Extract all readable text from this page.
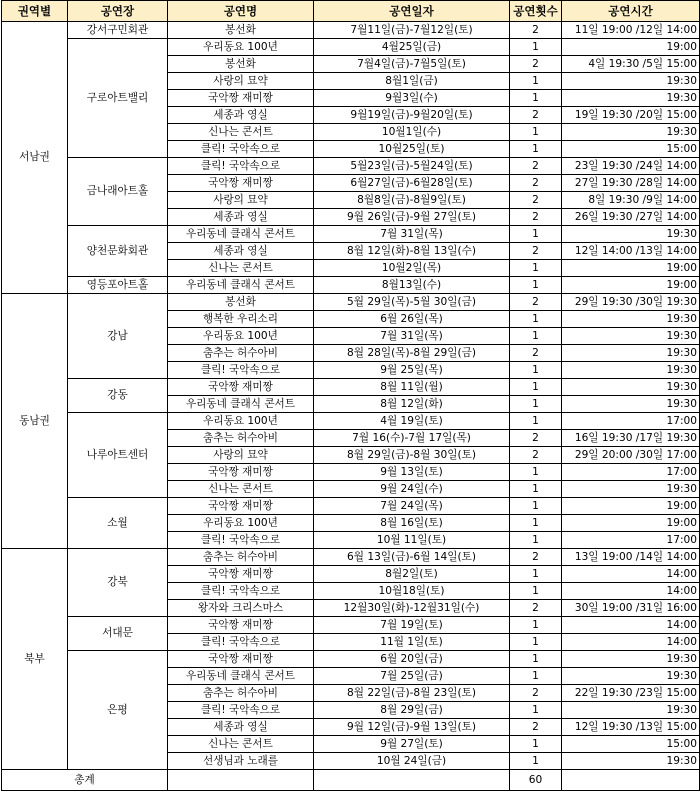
권역별	공연장	공연명	공연일자	공연횟수	공연시간
서남권	강서구민회관	봉선화	7월11일(금)-7월12일(토)	2	11일 19:00 /12일 14:00
	구로아트밸리	우리동요 100년	4월25일(금)	1	19:00
		봉선화	7월4일(금)-7월5일(토)	2	4일 19:30 /5일 15:00
		사랑의 묘약	8월1일(금)	1	19:30
		국악짱 재미짱	9월3일(수)	1	19:30
		세종과 영실	9월19일(금)-9월20일(토)	2	19일 19:30 /20일 15:00
		신나는 콘서트	10월1일(수)	1	19:30
		클릭! 국악속으로	10월25일(토)	1	15:00
	금나래아트홀	클릭! 국악속으로	5월23일(금)-5월24일(토)	2	23일 19:30 /24일 14:00
		국악짱 재미짱	6월27일(금)-6월28일(토)	2	27일 19:30 /28일 14:00
		사랑의 묘약	8월8일(금)-8월9일(토)	2	8일 19:30 /9일 14:00
		세종과 영실	9월 26일(금)-9월 27일(토)	2	26일 19:30 /27일 14:00
	양천문화회관	우리동네 클래식 콘서트	7월 31일(목)	1	19:30
		세종과 영실	8월 12일(화)-8월 13일(수)	2	12일 14:00 /13일 14:00
		신나는 콘서트	10월2일(목)	1	19:00
	영등포아트홀	우리동네 클래식 콘서트	8월13일(수)	1	19:00
동남권	강남	봉선화	5월 29일(목)-5월 30일(금)	2	29일 19:30 /30일 19:30
		행복한 우리소리	6월 26일(목)	1	19:30
		우리동요 100년	7월 31일(목)	1	19:30
		춤추는 허수아비	8월 28일(목)-8월 29일(금)	2	19:30
		클릭! 국악속으로	9월 25일(목)	1	19:30
	강동	국악짱 재미짱	8월 11일(월)	1	19:30
		우리동네 클래식 콘서트	8월 12일(화)	1	19:30
	나루아트센터	우리동요 100년	4월 19일(토)	1	17:00
		춤추는 허수아비	7월 16(수)-7월 17일(목)	2	16일 19:30 /17일 19:30
		사랑의 묘약	8월 29일(금)-8월 30일(토)	2	29일 20:00 /30일 17:00
		국악짱 재미짱	9월 13일(토)	1	17:00
		신나는 콘서트	9월 24일(수)	1	19:30
	소월	국악짱 재미짱	7월 24일(목)	1	19:00
		우리동요 100년	8월 16일(토)	1	19:00
		클릭! 국악속으로	10월 11일(토)	1	17:00
북부	강북	춤추는 허수아비	6월 13일(금)-6월 14일(토)	2	13일 19:00 /14일 14:00
		국악짱 재미짱	8월2일(토)	1	14:00
		클릭! 국악속으로	10월18일(토)	1	14:00
		왕자와 크리스마스	12월30일(화)-12월31일(수)	2	30일 19:00 /31일 16:00
	서대문	국악짱 재미짱	7월 19일(토)	1	14:00
		클릭! 국악속으로	11월 1일(토)	1	14:00
	은평	국악짱 재미짱	6월 20일(금)	1	19:30
		우리동네 클래식 콘서트	7월 25일(금)	1	19:30
		춤추는 허수아비	8월 22일(금)-8월 23일(토)	2	22일 19:30 /23일 15:00
		클릭! 국악속으로	8월 29일(금)	1	19:30
		세종과 영실	9월 12일(금)-9월 13일(토)	2	12일 19:30 /13일 15:00
		신나는 콘서트	9월 27일(토)	1	15:00
		선생님과 노래를	10월 24일(금)	1	19:30
총계				60	
